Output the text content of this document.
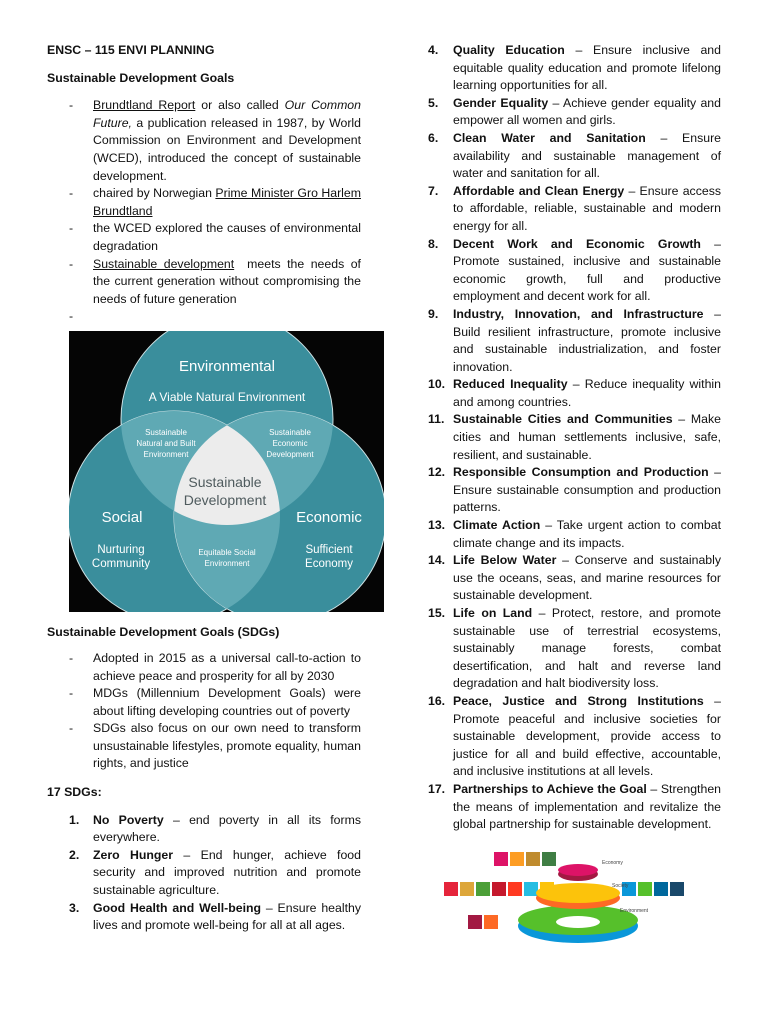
ENSC – 115 ENVI PLANNING
Sustainable Development Goals
- Brundtland Report or also called Our Common Future, a publication released in 1987, by World Commission on Environment and Development (WCED), introduced the concept of sustainable development.
- chaired by Norwegian Prime Minister Gro Harlem Brundtland
- the WCED explored the causes of environmental degradation
- Sustainable development  meets the needs of the current generation without compromising the needs of future generation
-
Environmental
A Viable Natural Environment
Social
Nurturing
Community
Economic
Sufficient
Economy
Sustainable
Natural and Built
Environment
Sustainable
Economic
Development
Equitable Social
Environment
Sustainable
Development
Sustainable Development Goals (SDGs)
- Adopted in 2015 as a universal call-to-action to achieve peace and prosperity for all by 2030
- MDGs (Millennium Development Goals) were about lifting developing countries out of poverty
- SDGs also focus on our own need to transform unsustainable lifestyles, promote equality, human rights, and justice
17 SDGs:
1. No Poverty – end poverty in all its forms everywhere.
2. Zero Hunger – End hunger, achieve food security and improved nutrition and promote sustainable agriculture.
3. Good Health and Well-being – Ensure healthy lives and promote well-being for all at all ages.
4. Quality Education – Ensure inclusive and equitable quality education and promote lifelong learning opportunities for all.
5. Gender Equality – Achieve gender equality and empower all women and girls.
6. Clean Water and Sanitation – Ensure availability and sustainable management of water and sanitation for all.
7. Affordable and Clean Energy – Ensure access to affordable, reliable, sustainable and modern energy for all.
8. Decent Work and Economic Growth – Promote sustained, inclusive and sustainable economic growth, full and productive employment and decent work for all.
9. Industry, Innovation, and Infrastructure – Build resilient infrastructure, promote inclusive and sustainable industrialization, and foster innovation.
10. Reduced Inequality – Reduce inequality within and among countries.
11. Sustainable Cities and Communities – Make cities and human settlements inclusive, safe, resilient, and sustainable.
12. Responsible Consumption and Production – Ensure sustainable consumption and production patterns.
13. Climate Action – Take urgent action to combat climate change and its impacts.
14. Life Below Water – Conserve and sustainably use the oceans, seas, and marine resources for sustainable development.
15. Life on Land – Protect, restore, and promote sustainable use of terrestrial ecosystems, sustainably manage forests, combat desertification, and halt and reverse land degradation and halt biodiversity loss.
16. Peace, Justice and Strong Institutions – Promote peaceful and inclusive societies for sustainable development, provide access to justice for all and build effective, accountable, and inclusive institutions at all levels.
17. Partnerships to Achieve the Goal – Strengthen the means of implementation and revitalize the global partnership for sustainable development.
Economy
Society
Environment
